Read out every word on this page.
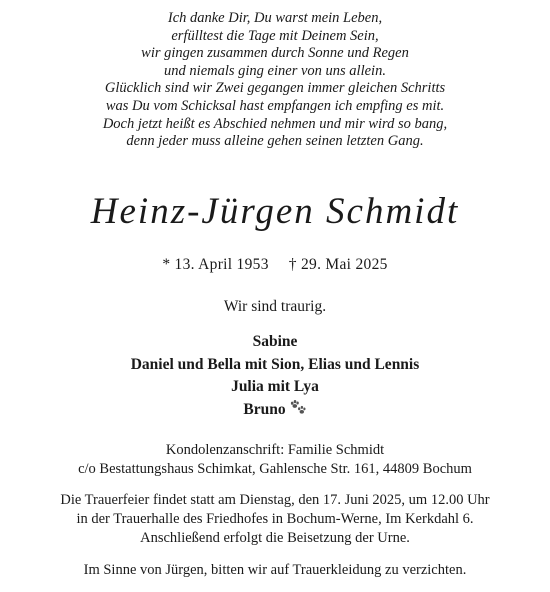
Ich danke Dir, Du warst mein Leben,
erfülltest die Tage mit Deinem Sein,
wir gingen zusammen durch Sonne und Regen
und niemals ging einer von uns allein.
Glücklich sind wir Zwei gegangen immer gleichen Schritts
was Du vom Schicksal hast empfangen ich empfing es mit.
Doch jetzt heißt es Abschied nehmen und mir wird so bang,
denn jeder muss alleine gehen seinen letzten Gang.
Heinz-Jürgen Schmidt
* 13. April 1953 † 29. Mai 2025
Wir sind traurig.
Sabine
Daniel und Bella mit Sion, Elias und Lennis
Julia mit Lya
Bruno
Kondolenzanschrift: Familie Schmidt
c/o Bestattungshaus Schimkat, Gahlensche Str. 161, 44809 Bochum
Die Trauerfeier findet statt am Dienstag, den 17. Juni 2025, um 12.00 Uhr
in der Trauerhalle des Friedhofes in Bochum-Werne, Im Kerkdahl 6.
Anschließend erfolgt die Beisetzung der Urne.
Im Sinne von Jürgen, bitten wir auf Trauerkleidung zu verzichten.
